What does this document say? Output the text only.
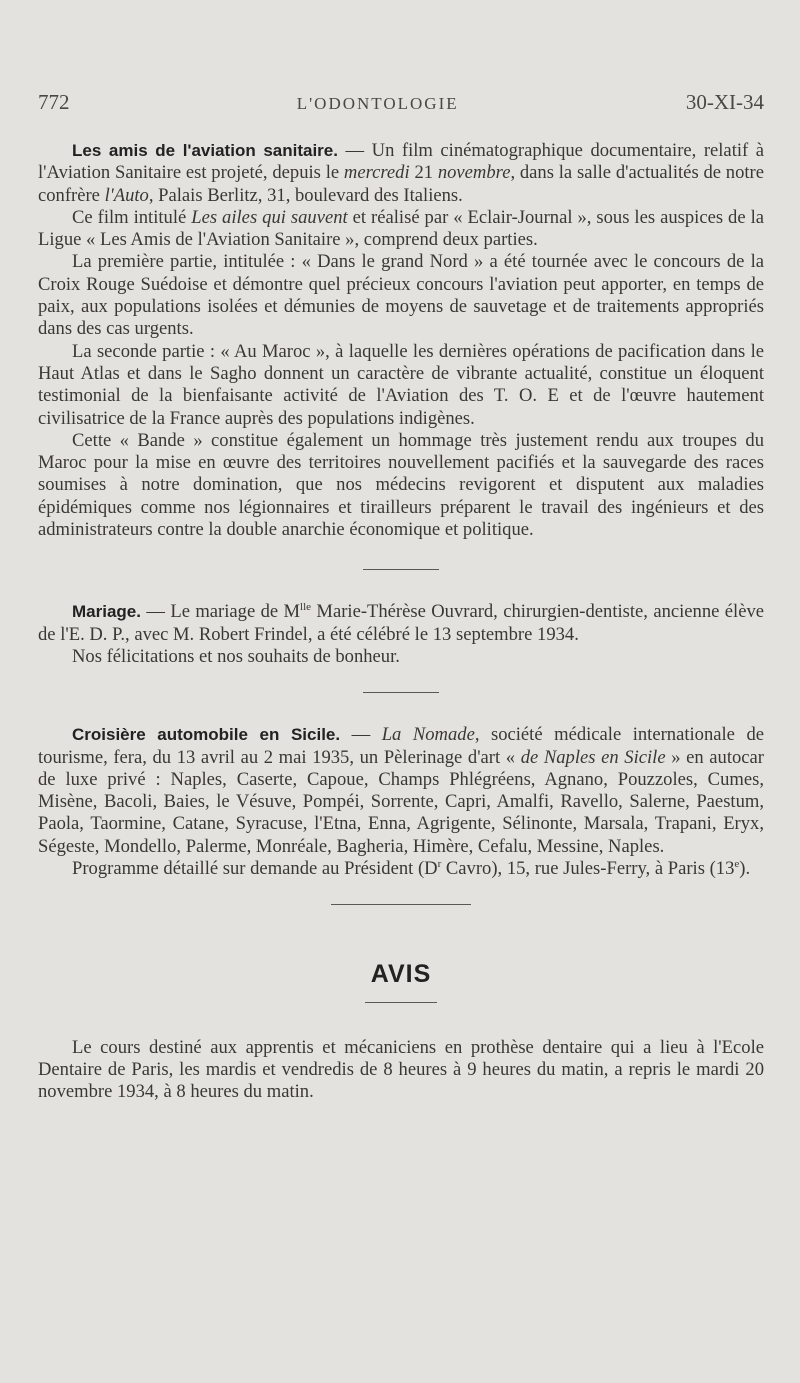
772	L'ODONTOLOGIE	30-XI-34

Les amis de l'aviation sanitaire. — Un film cinématographique documentaire, relatif à l'Aviation Sanitaire est projeté, depuis le mercredi 21 novembre, dans la salle d'actualités de notre confrère l'Auto, Palais Berlitz, 31, boulevard des Italiens.

Ce film intitulé Les ailes qui sauvent et réalisé par « Eclair-Journal », sous les auspices de la Ligue « Les Amis de l'Aviation Sanitaire », comprend deux parties.

La première partie, intitulée : « Dans le grand Nord » a été tournée avec le concours de la Croix Rouge Suédoise et démontre quel précieux concours l'aviation peut apporter, en temps de paix, aux populations isolées et démunies de moyens de sauvetage et de traitements appropriés dans des cas urgents.

La seconde partie : « Au Maroc », à laquelle les dernières opérations de pacification dans le Haut Atlas et dans le Sagho donnent un caractère de vibrante actualité, constitue un éloquent testimonial de la bienfaisante activité de l'Aviation des T. O. E et de l'œuvre hautement civilisatrice de la France auprès des populations indigènes.

Cette « Bande » constitue également un hommage très justement rendu aux troupes du Maroc pour la mise en œuvre des territoires nouvellement pacifiés et la sauvegarde des races soumises à notre domination, que nos médecins revigorent et disputent aux maladies épidémiques comme nos légionnaires et tirailleurs préparent le travail des ingénieurs et des administrateurs contre la double anarchie économique et politique.

Mariage. — Le mariage de $M^{lle}$ Marie-Thérèse Ouvrard, chirurgien-dentiste, ancienne élève de l'E. D. P., avec M. Robert Frindel, a été célébré le 13 septembre 1934.

Nos félicitations et nos souhaits de bonheur.

Croisière automobile en Sicile. — La Nomade, société médicale internationale de tourisme, fera, du 13 avril au 2 mai 1935, un Pèlerinage d'art « de Naples en Sicile » en autocar de luxe privé : Naples, Caserte, Capoue, Champs Phlégréens, Agnano, Pouzzoles, Cumes, Misène, Bacoli, Baies, le Vésuve, Pompéi, Sorrente, Capri, Amalfi, Ravello, Salerne, Paestum, Paola, Taormine, Catane, Syracuse, l'Etna, Enna, Agrigente, Sélinonte, Marsala, Trapani, Eryx, Ségeste, Mondello, Palerme, Monréale, Bagheria, Himère, Cefalu, Messine, Naples.

Programme détaillé sur demande au Président ($D^r$ Cavro), 15, rue Jules-Ferry, à Paris (13e).

AVIS

Le cours destiné aux apprentis et mécaniciens en prothèse dentaire qui a lieu à l'Ecole Dentaire de Paris, les mardis et vendredis de 8 heures à 9 heures du matin, a repris le mardi 20 novembre 1934, à 8 heures du matin.
